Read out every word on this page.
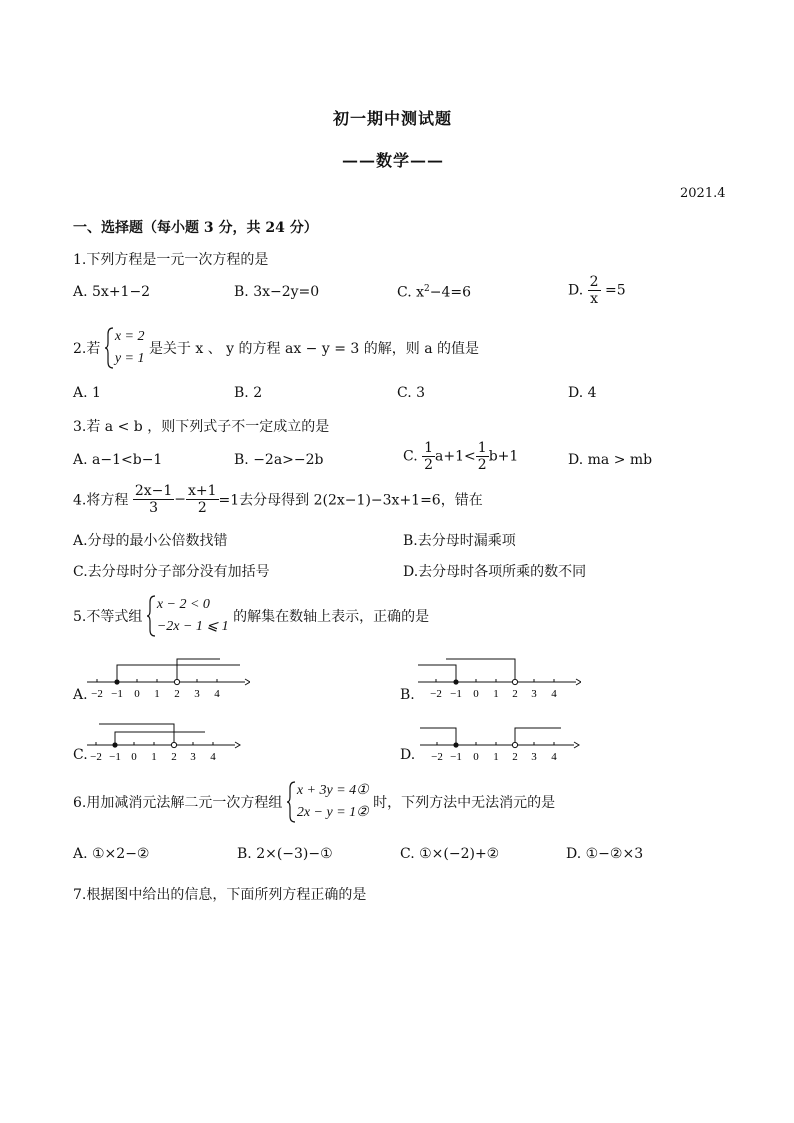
初一期中测试题
——数学——
2021.4
一、选择题（每小题 3 分，共 24 分）
1.下列方程是一元一次方程的是
A. 5x+1−2	B. 3x−2y=0	C. $x^2-4=6$	D. $\frac{2}{x} =5$
2.若
x = 2
y = 1
是关于 x 、 y 的方程 ax − y = 3 的解，则 a 的值是
A. 1	B. 2	C. 3	D. 4
3.若 a < b ，则下列式子不一定成立的是
A. a−1<b−1	B. −2a>−2b	C. $\frac{1}{2} a+1< \frac{1}{2} b+1$	D. ma > mb
4.将方程 $\frac{2x-1}{3} - \frac{x+1}{2} =1$去分母得到 2(2x−1)−3x+1=6，错在
A.分母的最小公倍数找错	B.去分母时漏乘项
C.去分母时分子部分没有加括号	D.去分母时各项所乘的数不同
5.不等式组
x − 2 < 0
−2x − 1 ⩽ 1
的解集在数轴上表示，正确的是
A. −2 −1 0 1 2 3 4	B. −2 −1 0 1 2 3 4
C. −2 −1 0 1 2 3 4	D. −2 −1 0 1 2 3 4
6.用加减消元法解二元一次方程组
x + 3y = 4①
2x − y = 1②
时，下列方法中无法消元的是
A. ①×2−②	B. 2×(−3)−①	C. ①×(−2)+②	D. ①−②×3
7.根据图中给出的信息，下面所列方程正确的是
